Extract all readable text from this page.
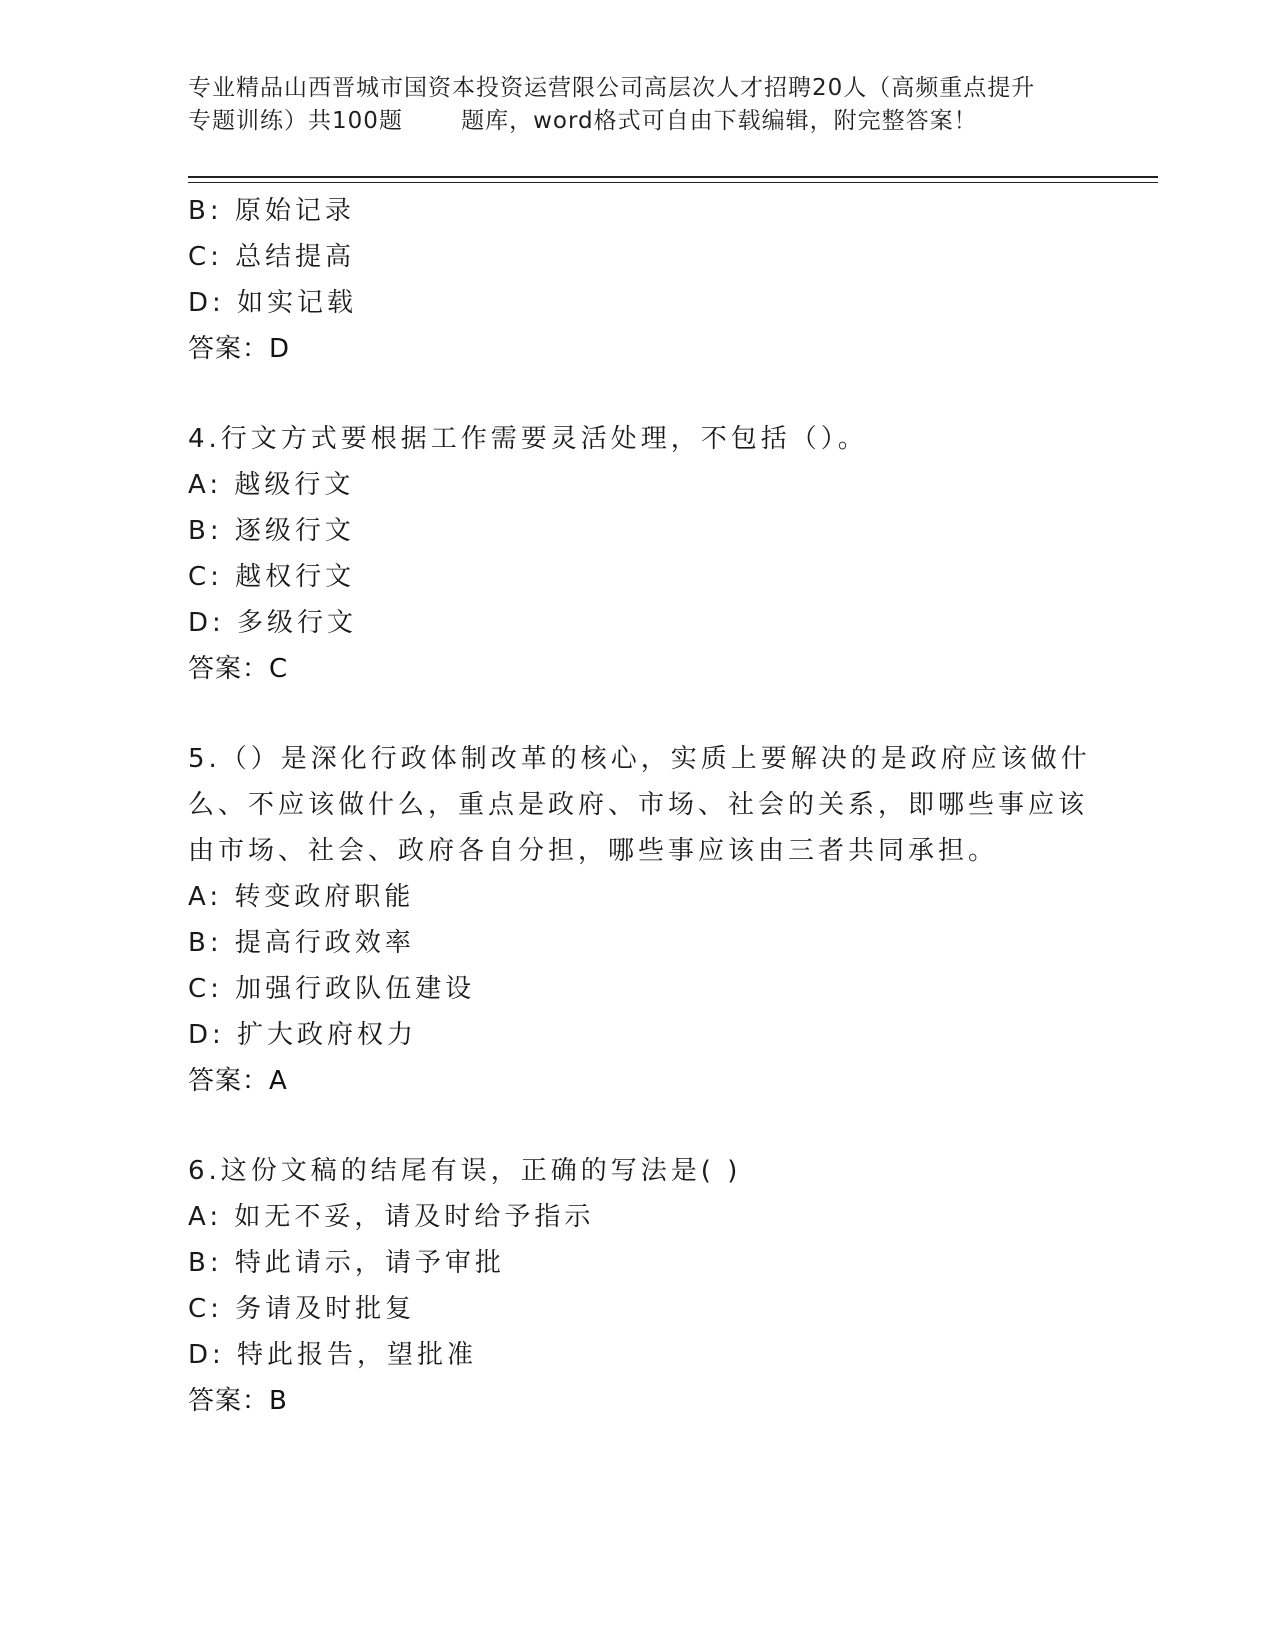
专业精品山西晋城市国资本投资运营限公司高层次人才招聘20人（高频重点提升
专题训练）共100题       题库，word格式可自由下载编辑，附完整答案！
B: 原始记录
C: 总结提高
D: 如实记载
答案：D
4.行文方式要根据工作需要灵活处理，不包括（）。
A: 越级行文
B: 逐级行文
C: 越权行文
D: 多级行文
答案：C
5.（）是深化行政体制改革的核心，实质上要解决的是政府应该做什
么、不应该做什么，重点是政府、市场、社会的关系，即哪些事应该
由市场、社会、政府各自分担，哪些事应该由三者共同承担。
A: 转变政府职能
B: 提高行政效率
C: 加强行政队伍建设
D: 扩大政府权力
答案：A
6.这份文稿的结尾有误，正确的写法是( )
A: 如无不妥，请及时给予指示
B: 特此请示，请予审批
C: 务请及时批复
D: 特此报告，望批准
答案：B
